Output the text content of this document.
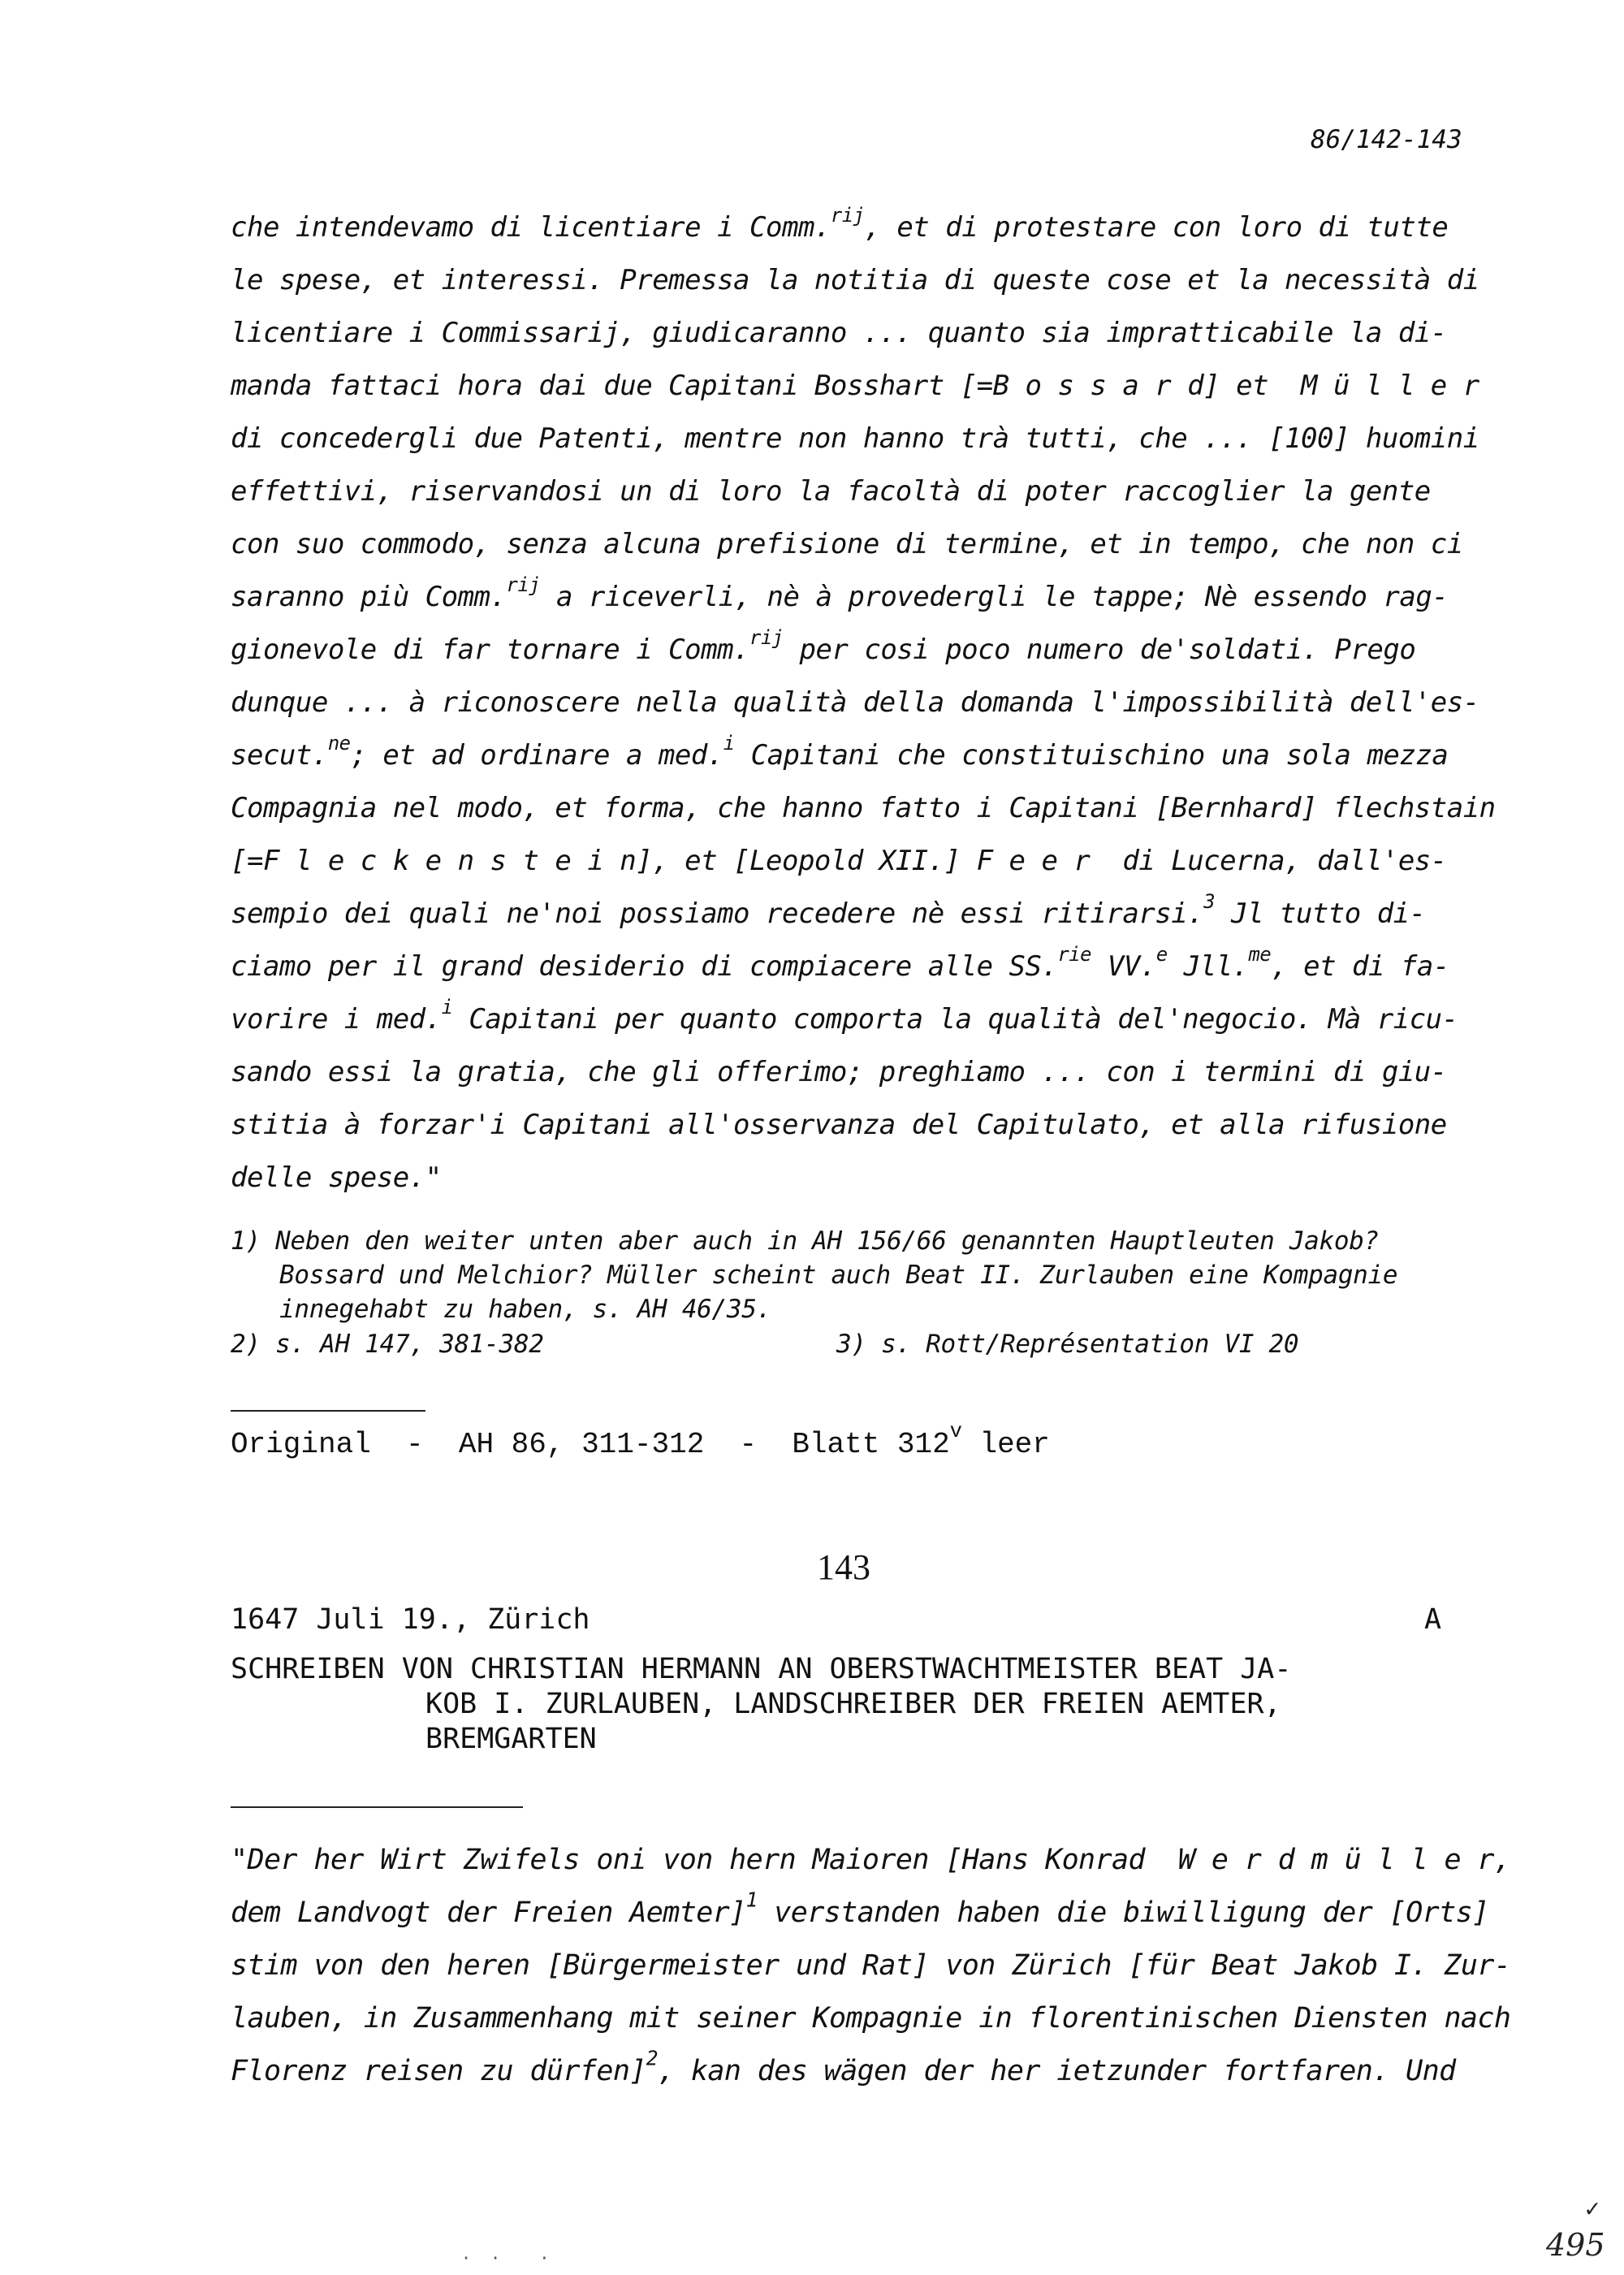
86/142-143
che intendevamo di licentiare i Comm.$^{rij}$, et di protestare con loro di tutte
le spese, et interessi. Premessa la notitia di queste cose et la necessità di
licentiare i Commissarij, giudicaranno ... quanto sia impratticabile la di-
manda fattaci hora dai due Capitani Bosshart [=B o s s a r d] et  M ü l l e r
di concedergli due Patenti, mentre non hanno trà tutti, che ... [100] huomini
effettivi, riservandosi un di loro la facoltà di poter raccoglier la gente
con suo commodo, senza alcuna prefisione di termine, et in tempo, che non ci
saranno più Comm.$^{rij}$ a riceverli, nè à provedergli le tappe; Nè essendo rag-
gionevole di far tornare i Comm.$^{rij}$ per cosi poco numero de'soldati. Prego
dunque ... à riconoscere nella qualità della domanda l'impossibilità dell'es-
secut.$^{ne}$; et ad ordinare a med.$^i$ Capitani che constituischino una sola mezza
Compagnia nel modo, et forma, che hanno fatto i Capitani [Bernhard] flechstain
[=F l e c k e n s t e i n], et [Leopold XII.] F e e r  di Lucerna, dall'es-
sempio dei quali ne'noi possiamo recedere nè essi ritirarsi.$^3$ Jl tutto di-
ciamo per il grand desiderio di compiacere alle SS.$^{rie}$ VV.$^e$ Jll.$^{me}$, et di fa-
vorire i med.$^i$ Capitani per quanto comporta la qualità del'negocio. Mà ricu-
sando essi la gratia, che gli offerimo; preghiamo ... con i termini di giu-
stitia à forzar'i Capitani all'osservanza del Capitulato, et alla rifusione
delle spese."
1) Neben den weiter unten aber auch in AH 156/66 genannten Hauptleuten Jakob?
Bossard und Melchior? Müller scheint auch Beat II. Zurlauben eine Kompagnie
innegehabt zu haben, s. AH 46/35.
2) s. AH 147, 381-382	3) s. Rott/Représentation VI 20
Original  -  AH 86, 311-312  -  Blatt 312$^v$ leer
143
1647 Juli 19., Zürich	A
SCHREIBEN VON CHRISTIAN HERMANN AN OBERSTWACHTMEISTER BEAT JA-
KOB I. ZURLAUBEN, LANDSCHREIBER DER FREIEN AEMTER,
BREMGARTEN
"Der her Wirt Zwifels oni von hern Maioren [Hans Konrad  W e r d m ü l l e r,
dem Landvogt der Freien Aemter]$^1$ verstanden haben die biwilligung der [Orts]
stim von den heren [Bürgermeister und Rat] von Zürich [für Beat Jakob I. Zur-
lauben, in Zusammenhang mit seiner Kompagnie in florentinischen Diensten nach
Florenz reisen zu dürfen]$^2$, kan des wägen der her ietzunder fortfaren. Und
✓
495
·  ·    ·
